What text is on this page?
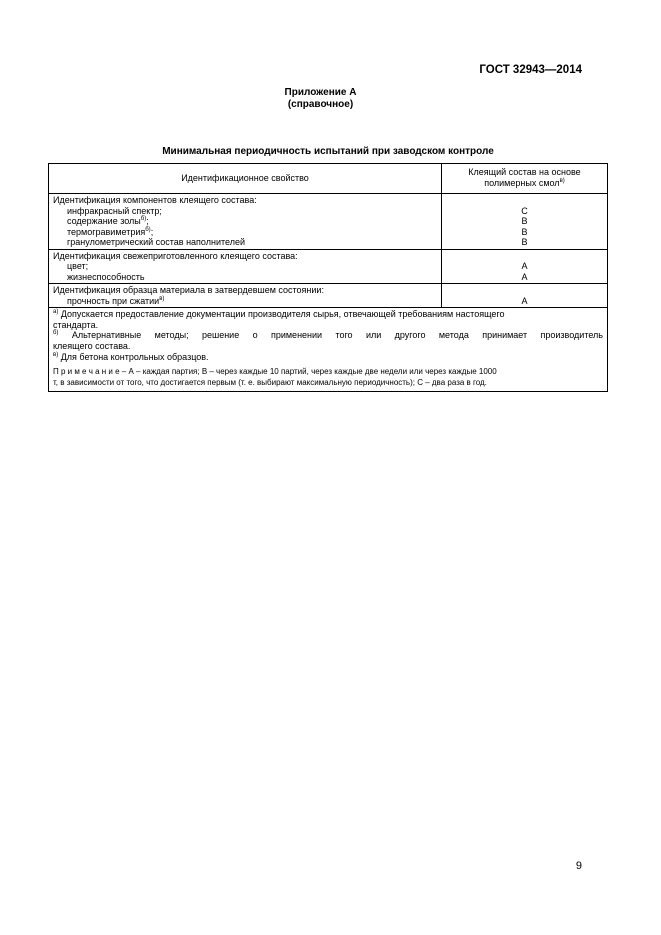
ГОСТ 32943—2014
Приложение А
(справочное)
Минимальная периодичность испытаний при заводском контроле
Идентификационное свойство
Клеящий состав на основе
полимерных смол$^{в)}$
Идентификация компонентов клеящего состава:
инфракрасный спектр;
содержание золы$^{б)}$;
термогравиметрия$^{б)}$;
гранулометрический состав наполнителей
C
B
B
B
Идентификация свежеприготовленного клеящего состава:
цвет;
жизнеспособность
A
A
Идентификация образца материала в затвердевшем состоянии:
прочность при сжатии$^{в)}$	A
$^{а)}$ Допускается предоставление документации производителя сырья, отвечающей требованиям настоящего
стандарта.
$^{б)}$ Альтернативные методы; решение о применении того или другого метода принимает производитель
клеящего состава.
$^{в)}$ Для бетона контрольных образцов.
П р и м е ч а н и е – А – каждая партия; В – через каждые 10 партий, через каждые две недели или через каждые 1000
т, в зависимости от того, что достигается первым (т. е. выбирают максимальную периодичность); С – два раза в год.
9
